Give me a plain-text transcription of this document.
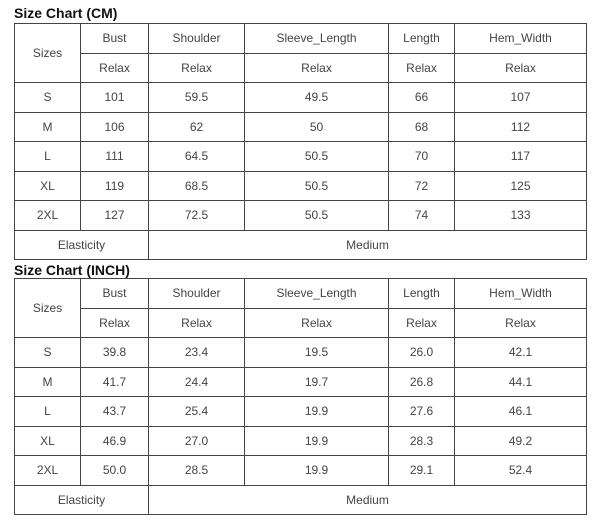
Size Chart (CM)
Sizes	Bust	Shoulder	Sleeve_Length	Length	Hem_Width
	Relax	Relax	Relax	Relax	Relax
S	101	59.5	49.5	66	107
M	106	62	50	68	112
L	111	64.5	50.5	70	117
XL	119	68.5	50.5	72	125
2XL	127	72.5	50.5	74	133
Elasticity		Medium			
Size Chart (INCH)
Sizes	Bust	Shoulder	Sleeve_Length	Length	Hem_Width
	Relax	Relax	Relax	Relax	Relax
S	39.8	23.4	19.5	26.0	42.1
M	41.7	24.4	19.7	26.8	44.1
L	43.7	25.4	19.9	27.6	46.1
XL	46.9	27.0	19.9	28.3	49.2
2XL	50.0	28.5	19.9	29.1	52.4
Elasticity		Medium			
